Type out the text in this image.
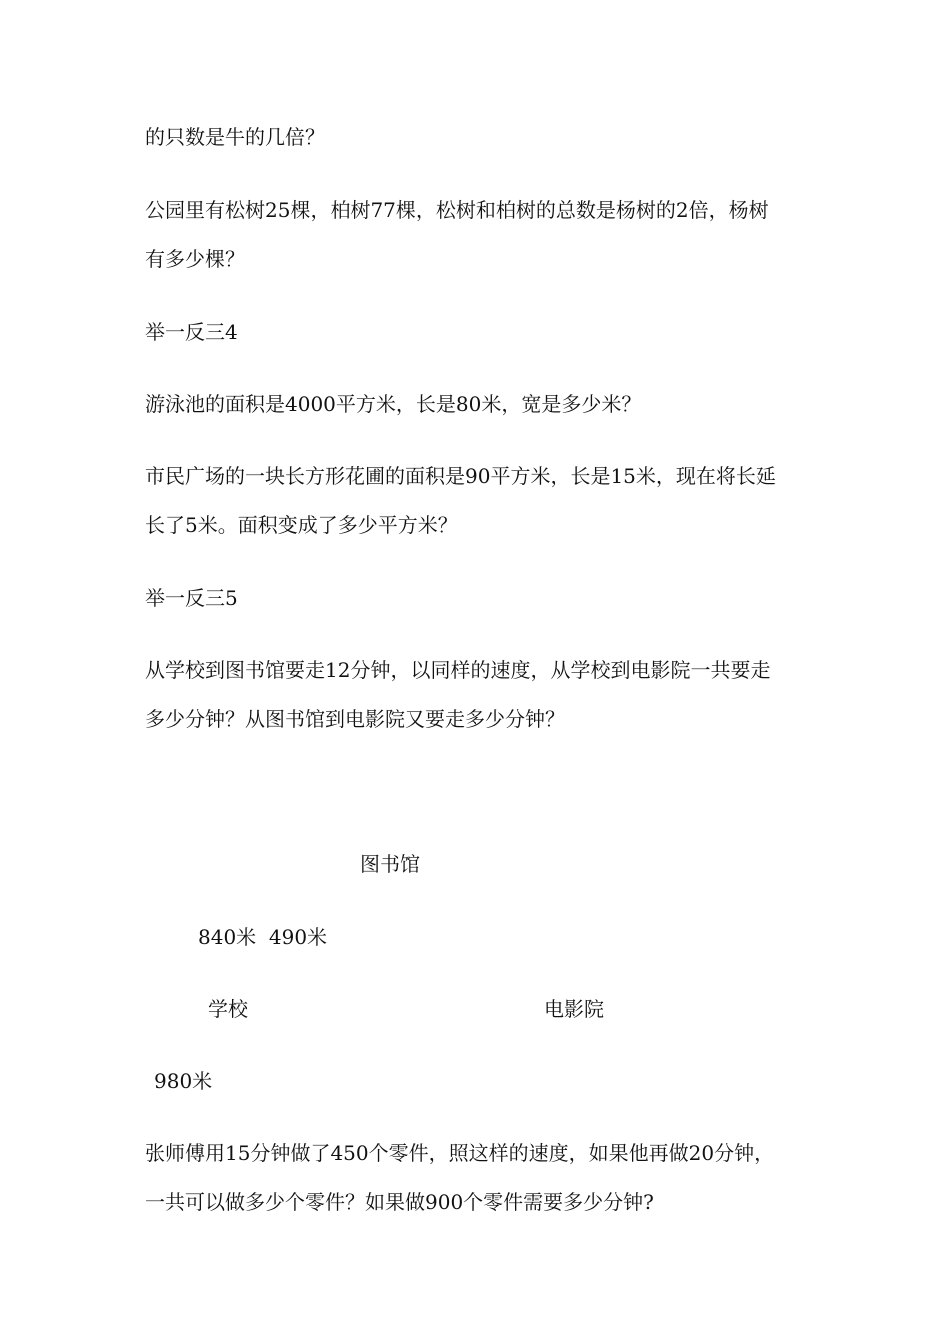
的只数是牛的几倍？
公园里有松树25棵，柏树77棵，松树和柏树的总数是杨树的2倍，杨树
有多少棵？
举一反三4
游泳池的面积是4000平方米，长是80米，宽是多少米？
市民广场的一块长方形花圃的面积是90平方米，长是15米，现在将长延
长了5米。面积变成了多少平方米？
举一反三5
从学校到图书馆要走12分钟，以同样的速度，从学校到电影院一共要走
多少分钟？从图书馆到电影院又要走多少分钟？
图书馆
840米  490米
学校	电影院
980米
张师傅用15分钟做了450个零件，照这样的速度，如果他再做20分钟，
一共可以做多少个零件？如果做900个零件需要多少分钟?
